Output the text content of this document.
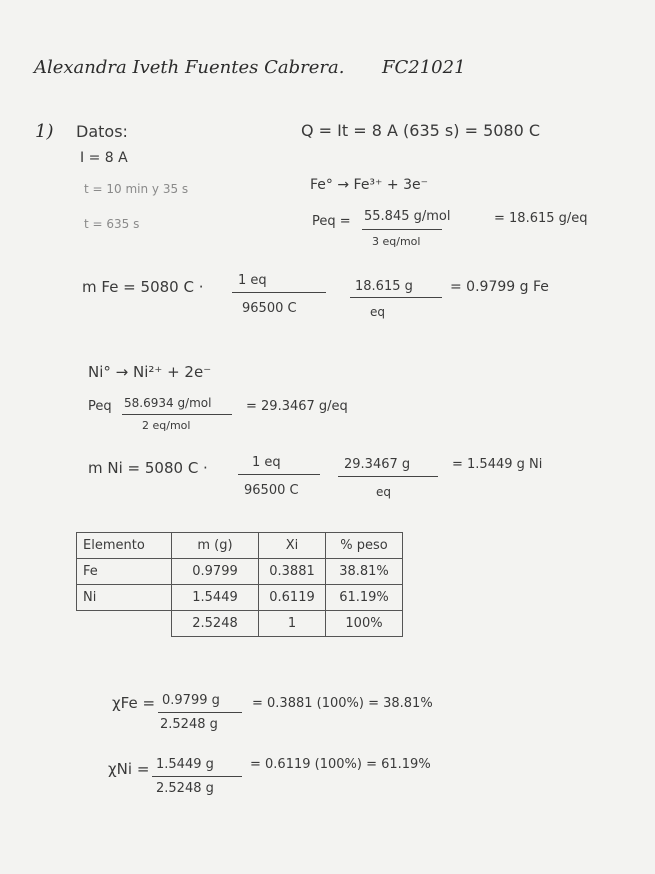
Alexandra Iveth Fuentes Cabrera. FC21021
1) Datos:
I = 8 A
t = 10 min y 35 s
t = 635 s
Q = It = 8 A (635 s) = 5080 C
Fe° → Fe³⁺ + 3e⁻
Peq = 55.845 g/mol
3 eq/mol
= 18.615 g/eq
m Fe = 5080 C ·	1 eq
96500 C
18.615 g
eq
= 0.9799 g Fe
Ni° → Ni²⁺ + 2e⁻
Peq 58.6934 g/mol
2 eq/mol
= 29.3467 g/eq
m Ni = 5080 C ·	1 eq
96500 C
29.3467 g
eq
= 1.5449 g Ni
Elemento	m (g)	Xi	% peso
Fe	0.9799	0.3881	38.81%
Ni	1.5449	0.6119	61.19%
	2.5248	1	100%
χFe = 0.9799 g
2.5248 g
= 0.3881 (100%) = 38.81%
χNi = 1.5449 g
2.5248 g
= 0.6119 (100%) = 61.19%
